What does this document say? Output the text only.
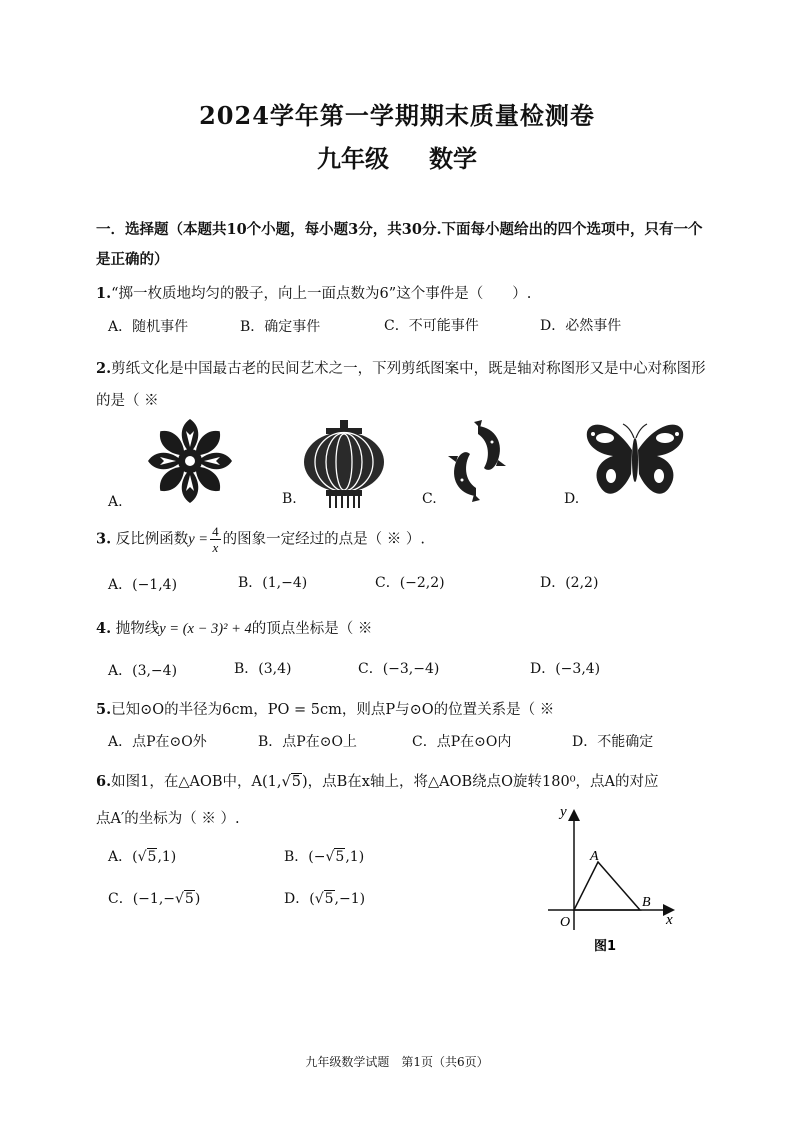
2024学年第一学期期末质量检测卷
九年级 数学
一．选择题（本题共10个小题，每小题3分，共30分.下面每小题给出的四个选项中，只有一个
是正确的）
1.“掷一枚质地均匀的骰子，向上一面点数为6”这个事件是（　　）.
A．随机事件	B．确定事件	C．不可能事件	D．必然事件
2.剪纸文化是中国最古老的民间艺术之一，下列剪纸图案中，既是轴对称图形又是中心对称图形
的是（ ※
A.	B.	C.	D.
3. 反比例函数$y = \frac{4}{x}$ 的图象一定经过的点是（ ※ ）.
A．(−1,4)	B．(1,−4)	C．(−2,2)	D．(2,2)
4. 抛物线y = (x − 3)² + 4的顶点坐标是（ ※
A．(3,−4)	B．(3,4)	C．(−3,−4)	D．(−3,4)
5.已知⊙O的半径为6cm，PO = 5cm，则点P与⊙O的位置关系是（ ※
A．点P在⊙O外	B．点P在⊙O上	C．点P在⊙O内	D．不能确定
6.如图1，在△AOB中，A(1,√5)，点B在x轴上，将△AOB绕点O旋转180⁰，点A的对应
点A′的坐标为（ ※ ）.
A．(√5,1)	B．(−√5,1)
C．(−1,−√5)	D．(√5,−1)
y
x
O
A
B
图1
九年级数学试题　第1页（共6页）
